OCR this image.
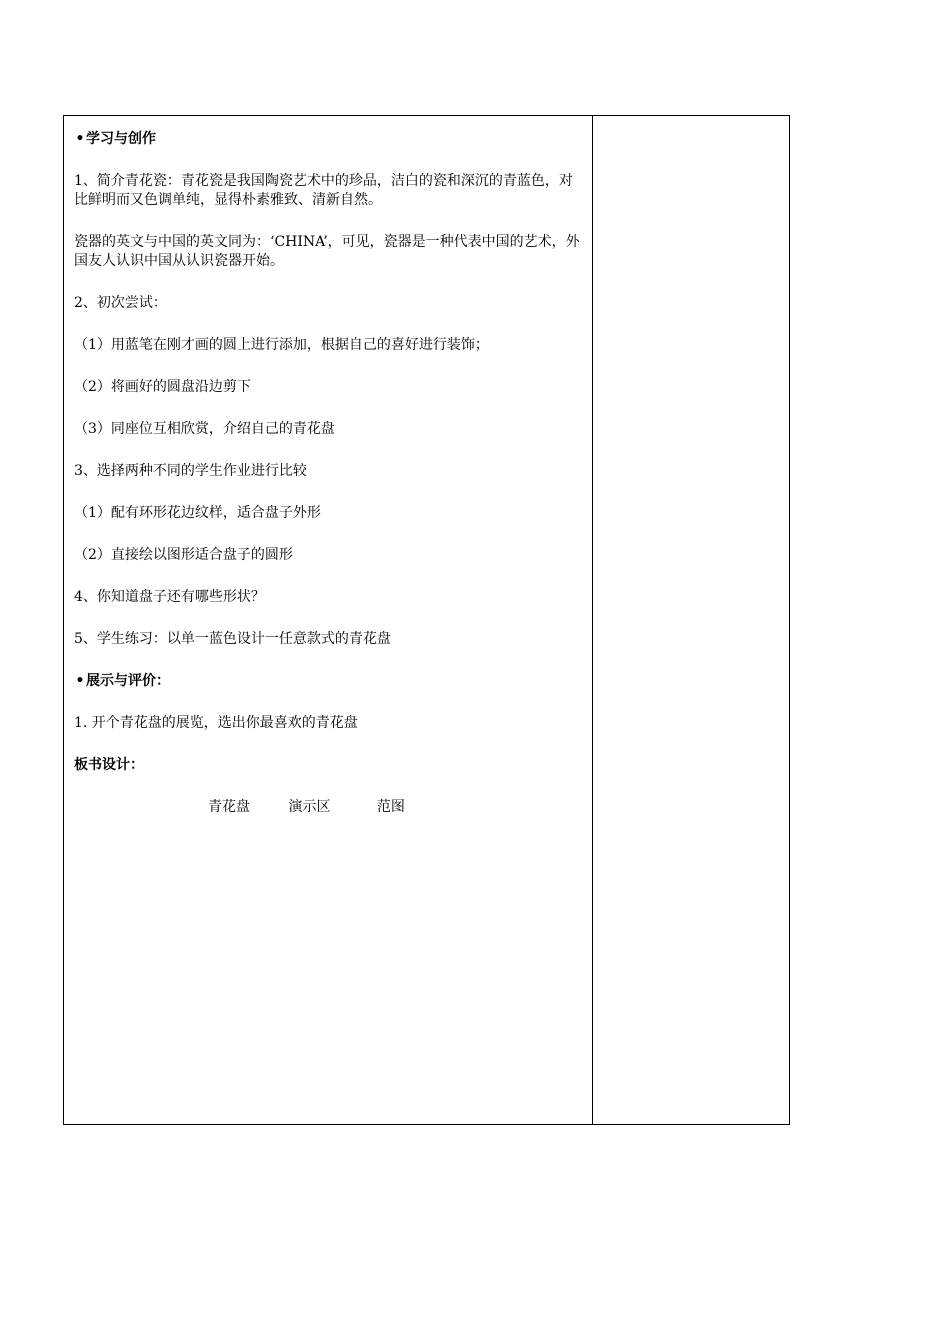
• 学习与创作

1、简介青花瓷：青花瓷是我国陶瓷艺术中的珍品，洁白的瓷和深沉的青蓝色，对比鲜明而又色调单纯，显得朴素雅致、清新自然。

瓷器的英文与中国的英文同为：‘CHINA’，可见，瓷器是一种代表中国的艺术，外国友人认识中国从认识瓷器开始。

2、初次尝试：

（1）用蓝笔在刚才画的圆上进行添加，根据自己的喜好进行装饰；

（2）将画好的圆盘沿边剪下

（3）同座位互相欣赏，介绍自己的青花盘

3、选择两种不同的学生作业进行比较

（1）配有环形花边纹样，适合盘子外形

（2）直接绘以图形适合盘子的圆形

4、你知道盘子还有哪些形状？

5、学生练习：以单一蓝色设计一任意款式的青花盘

• 展示与评价：

1. 开个青花盘的展览，选出你最喜欢的青花盘

板书设计：

青花盘	演示区	范图
